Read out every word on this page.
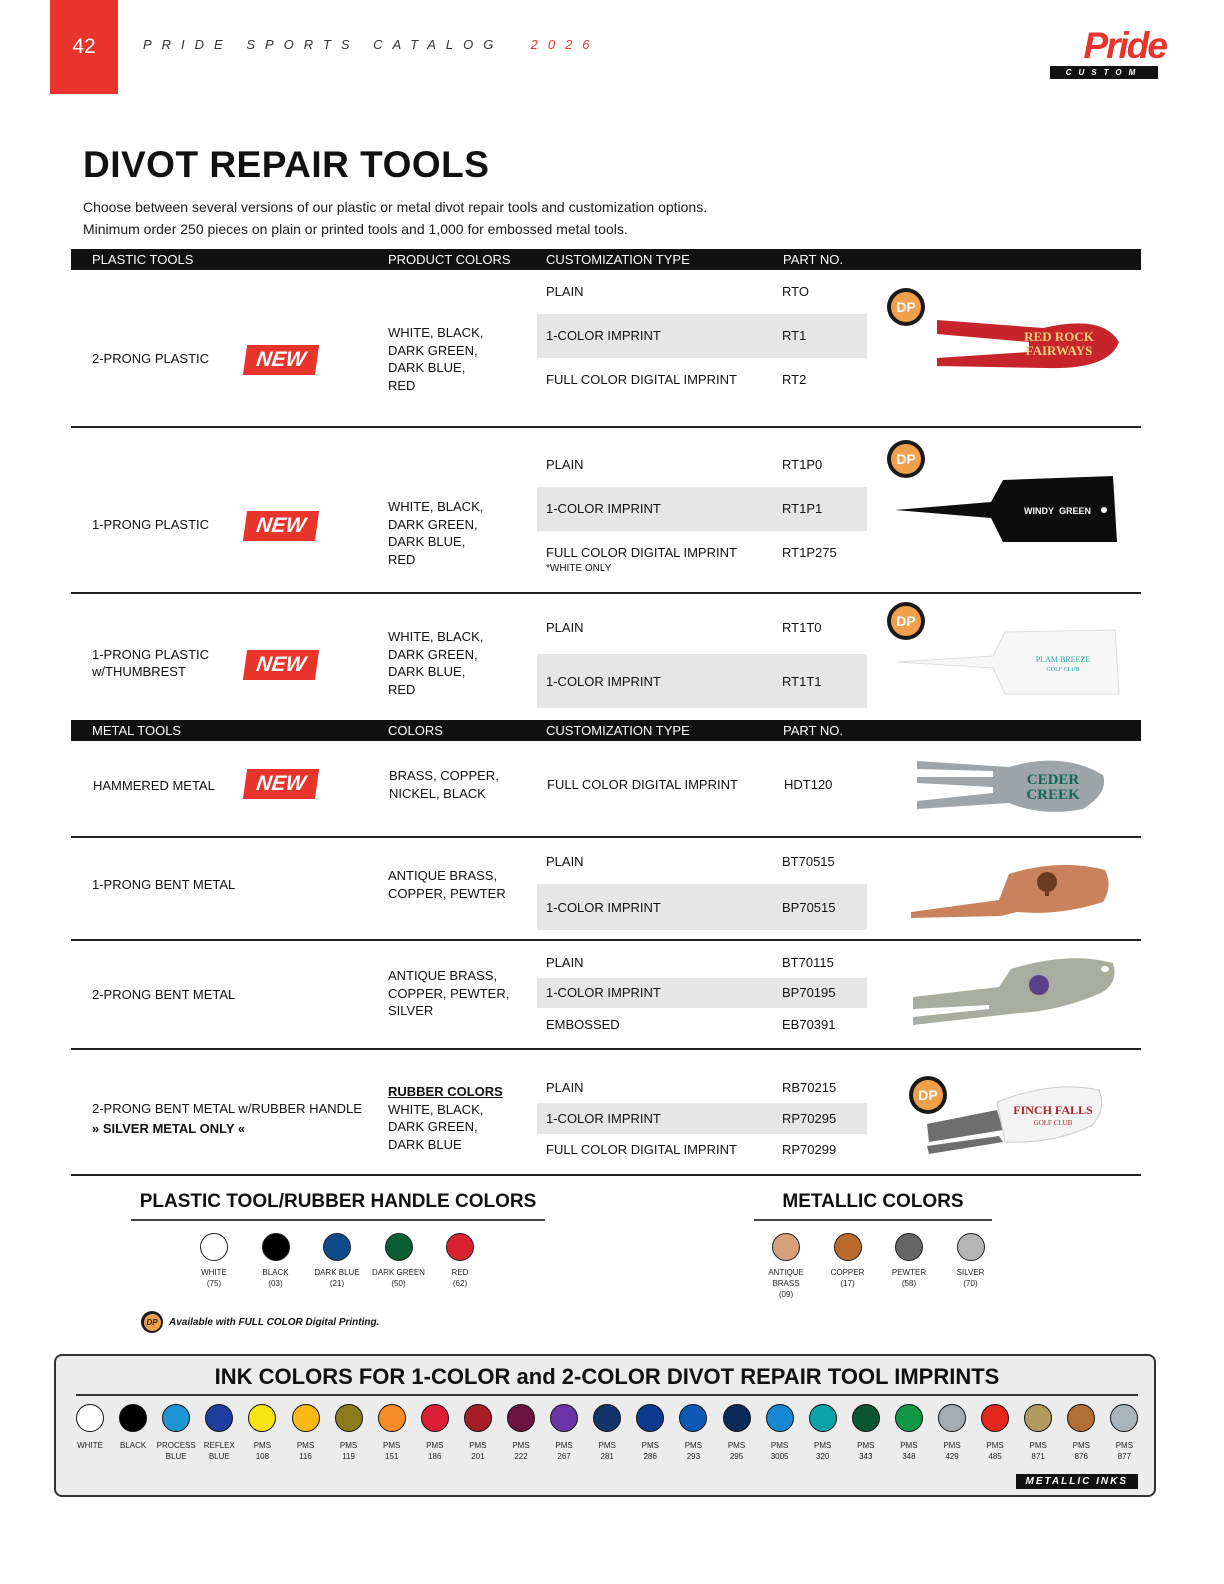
42	PRIDE SPORTS CATALOG 2026	Pride
CUSTOM
DIVOT REPAIR TOOLS
Choose between several versions of our plastic or metal divot repair tools and customization options.
Minimum order 250 pieces on plain or printed tools and 1,000 for embossed metal tools.
PLASTIC TOOLS	PRODUCT COLORS	CUSTOMIZATION TYPE	PART NO.
2-PRONG PLASTIC	NEW
WHITE, BLACK,
DARK GREEN,
DARK BLUE,
RED
PLAIN	RTO
1-COLOR IMPRINT	RT1
FULL COLOR DIGITAL IMPRINT	RT2
DP
RED ROCK
FAIRWAYS
1-PRONG PLASTIC	NEW
WHITE, BLACK,
DARK GREEN,
DARK BLUE,
RED
PLAIN	RT1P0
1-COLOR IMPRINT	RT1P1
FULL COLOR DIGITAL IMPRINT	RT1P275
*WHITE ONLY
DP
WINDY GREEN
1-PRONG PLASTIC
w/THUMBREST	NEW
WHITE, BLACK,
DARK GREEN,
DARK BLUE,
RED
PLAIN	RT1T0
1-COLOR IMPRINT	RT1T1
DP
PLAM BREEZE
GOLF CLUB
METAL TOOLS	COLORS	CUSTOMIZATION TYPE	PART NO.
HAMMERED METAL	NEW	BRASS, COPPER,
NICKEL, BLACK
FULL COLOR DIGITAL IMPRINT	HDT120	CEDER
CREEK
1-PRONG BENT METAL
ANTIQUE BRASS,
COPPER, PEWTER
PLAIN	BT70515
1-COLOR IMPRINT	BP70515
2-PRONG BENT METAL
ANTIQUE BRASS,
COPPER, PEWTER,
SILVER
PLAIN	BT70115
1-COLOR IMPRINT	BP70195
EMBOSSED	EB70391
2-PRONG BENT METAL w/RUBBER HANDLE
» SILVER METAL ONLY «
RUBBER COLORS
WHITE, BLACK,
DARK GREEN,
DARK BLUE
PLAIN	RB70215
1-COLOR IMPRINT	RP70295
FULL COLOR DIGITAL IMPRINT	RP70299
DP
FINCH FALLS
GOLF CLUB
PLASTIC TOOL/RUBBER HANDLE COLORS	METALLIC COLORS
WHITE
(75)
BLACK
(03)
DARK BLUE
(21)
DARK GREEN
(50)
RED
(62)
ANTIQUE BRASS
(09)
COPPER
(17)
PEWTER
(58)
SILVER
(70)
DP Available with FULL COLOR Digital Printing.
INK COLORS FOR 1-COLOR and 2-COLOR DIVOT REPAIR TOOL IMPRINTS
WHITE	BLACK	PROCESS
BLUE
REFLEX
BLUE
PMS
108
PMS
116
PMS
119
PMS
151
PMS
186
PMS
201
PMS
222
PMS
267
PMS
281
PMS
286
PMS
293
PMS
295
PMS
3005
PMS
320
PMS
343
PMS
348
PMS
429
PMS
485
PMS
871
PMS
876
PMS
877
METALLIC INKS
